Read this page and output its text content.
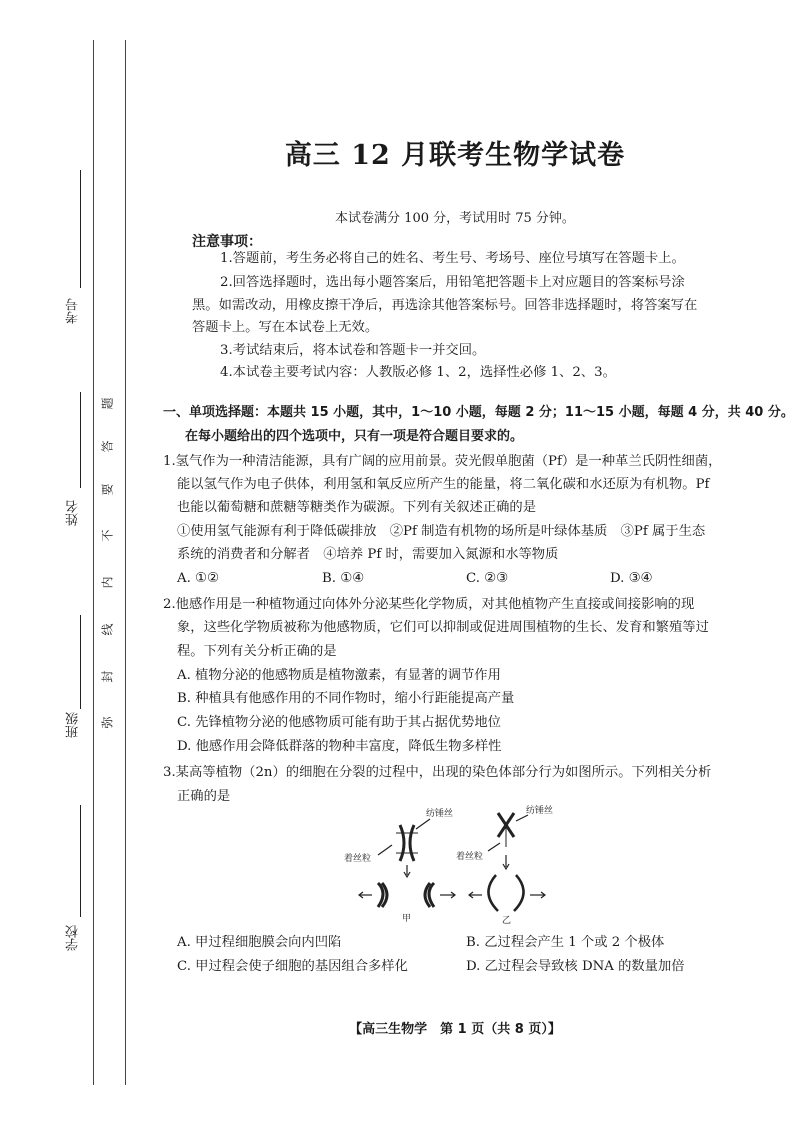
考号
姓名
班级
学校
题
答
要
不
内
线
封
弥
高三 12 月联考生物学试卷
本试卷满分 100 分，考试用时 75 分钟。
注意事项：
1.答题前，考生务必将自己的姓名、考生号、考场号、座位号填写在答题卡上。
2.回答选择题时，选出每小题答案后，用铅笔把答题卡上对应题目的答案标号涂
黑。如需改动，用橡皮擦干净后，再选涂其他答案标号。回答非选择题时，将答案写在
答题卡上。写在本试卷上无效。
3.考试结束后，将本试卷和答题卡一并交回。
4.本试卷主要考试内容：人教版必修 1、2，选择性必修 1、2、3。
一、单项选择题：本题共 15 小题，其中，1～10 小题，每题 2 分；11～15 小题，每题 4 分，共 40 分。
在每小题给出的四个选项中，只有一项是符合题目要求的。
1.氢气作为一种清洁能源，具有广阔的应用前景。荧光假单胞菌（Pf）是一种革兰氏阴性细菌，
能以氢气作为电子供体，利用氢和氧反应所产生的能量，将二氧化碳和水还原为有机物。Pf
也能以葡萄糖和蔗糖等糖类作为碳源。下列有关叙述正确的是
①使用氢气能源有利于降低碳排放　②Pf 制造有机物的场所是叶绿体基质　③Pf 属于生态
系统的消费者和分解者　④培养 Pf 时，需要加入氮源和水等物质
A. ①②	B. ①④	C. ②③	D. ③④
2.他感作用是一种植物通过向体外分泌某些化学物质，对其他植物产生直接或间接影响的现
象，这些化学物质被称为他感物质，它们可以抑制或促进周围植物的生长、发育和繁殖等过
程。下列有关分析正确的是
A. 植物分泌的他感物质是植物激素，有显著的调节作用
B. 种植具有他感作用的不同作物时，缩小行距能提高产量
C. 先锋植物分泌的他感物质可能有助于其占据优势地位
D. 他感作用会降低群落的物种丰富度，降低生物多样性
3.某高等植物（2n）的细胞在分裂的过程中，出现的染色体部分行为如图所示。下列相关分析
正确的是
纺锤丝	纺锤丝
着丝粒	着丝粒
甲	乙
A. 甲过程细胞膜会向内凹陷	B. 乙过程会产生 1 个或 2 个极体
C. 甲过程会使子细胞的基因组合多样化	D. 乙过程会导致核 DNA 的数量加倍
【高三生物学　第 1 页（共 8 页）】
